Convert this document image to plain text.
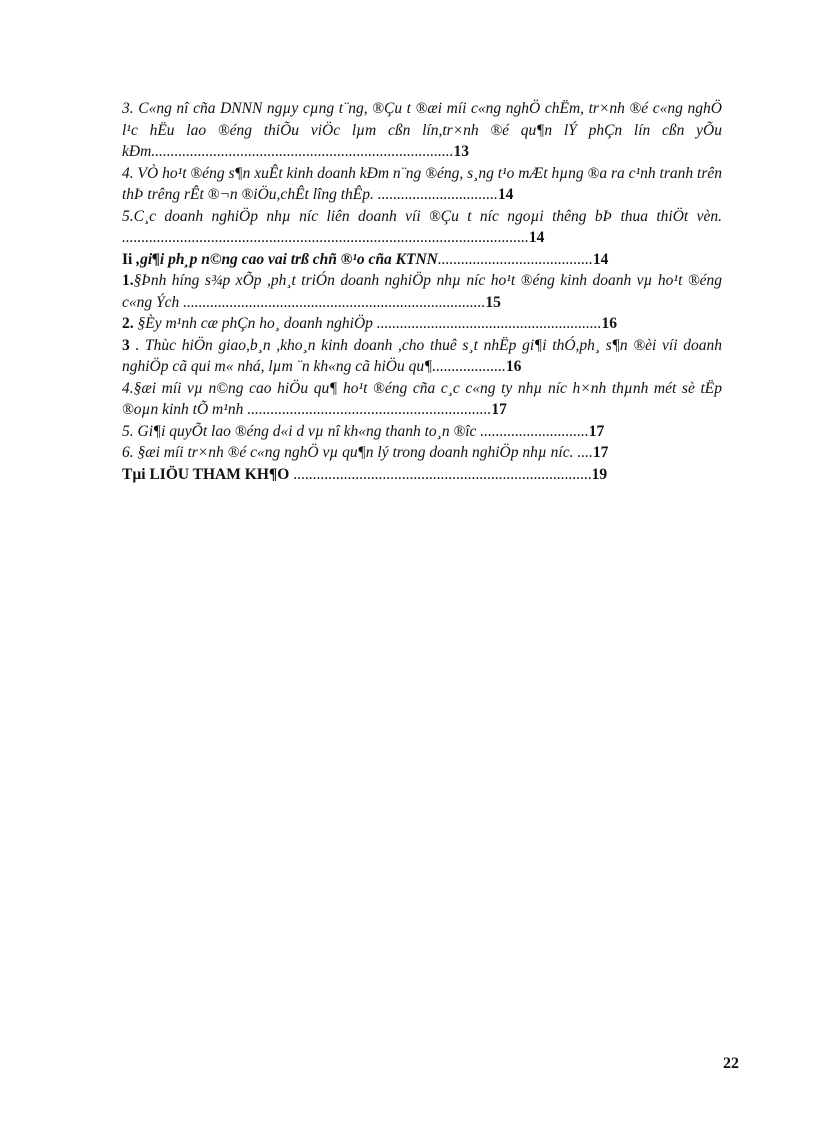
3. C«ng nî cña DNNN ngµy cµng t¨ng, ®Çu t ®æi míi c«ng nghÖ chËm, tr×nh ®é c«ng nghÖ l¹c hËu lao ®éng thiÕu viÖc lµm cßn lín,tr×nh ®é qu¶n lÝ phÇn lín cßn yÕu kÐm..............................................................................13

4. VÒ ho¹t ®éng s¶n xuÊt kinh doanh kÐm n¨ng ®éng, s¸ng t¹o mÆt hµng ®a ra c¹nh tranh trên thÞ trêng rÊt ®¬n ®iÖu,chÊt lîng thÊp. ...............................14

5.C¸c doanh nghiÖp nhµ níc liên doanh víi ®Çu t níc ngoµi thêng bÞ thua thiÖt vèn. .........................................................................................................14

Ii ,gi¶i ph¸p n©ng cao vai trß chñ ®¹o cña KTNN........................................14

1.§Þnh híng s¾p xÕp ,ph¸t triÓn doanh nghiÖp nhµ níc ho¹t ®éng kinh doanh vµ ho¹t ®éng c«ng Ých ..............................................................................15

2. §Èy m¹nh cæ phÇn ho¸ doanh nghiÖp ..........................................................16

3 . Thùc hiÖn giao,b¸n ,kho¸n kinh doanh ,cho thuê s¸t nhËp gi¶i thÓ,ph¸ s¶n ®èi víi doanh nghiÖp cã qui m« nhá, lµm ¨n kh«ng cã hiÖu qu¶...................16

4.§æi míi vµ n©ng cao hiÖu qu¶ ho¹t ®éng cña c¸c c«ng ty nhµ níc h×nh thµnh mét sè tËp ®oµn kinh tÕ m¹nh ...............................................................17

5. Gi¶i quyÕt lao ®éng d«i d vµ nî kh«ng thanh to¸n ®îc ............................17

6. §æi míi tr×nh ®é c«ng nghÖ vµ qu¶n lý trong doanh nghiÖp nhµ níc. ....17

Tµi LIÖU THAM KH¶O .............................................................................19

22
